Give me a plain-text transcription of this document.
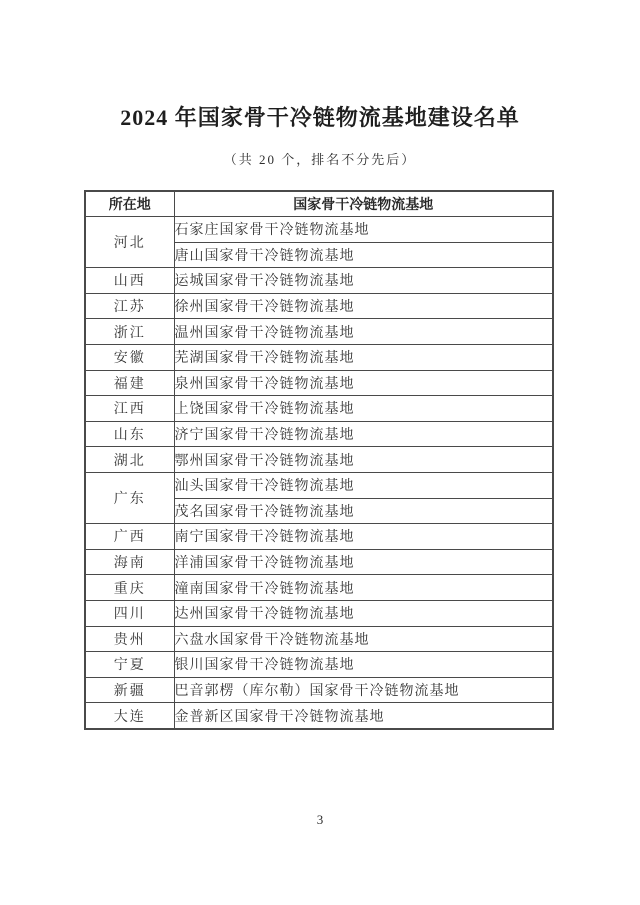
2024 年国家骨干冷链物流基地建设名单
（共 20 个，排名不分先后）
所在地	国家骨干冷链物流基地
河北	石家庄国家骨干冷链物流基地
	唐山国家骨干冷链物流基地
山西	运城国家骨干冷链物流基地
江苏	徐州国家骨干冷链物流基地
浙江	温州国家骨干冷链物流基地
安徽	芜湖国家骨干冷链物流基地
福建	泉州国家骨干冷链物流基地
江西	上饶国家骨干冷链物流基地
山东	济宁国家骨干冷链物流基地
湖北	鄂州国家骨干冷链物流基地
广东	汕头国家骨干冷链物流基地
	茂名国家骨干冷链物流基地
广西	南宁国家骨干冷链物流基地
海南	洋浦国家骨干冷链物流基地
重庆	潼南国家骨干冷链物流基地
四川	达州国家骨干冷链物流基地
贵州	六盘水国家骨干冷链物流基地
宁夏	银川国家骨干冷链物流基地
新疆	巴音郭楞（库尔勒）国家骨干冷链物流基地
大连	金普新区国家骨干冷链物流基地
3
